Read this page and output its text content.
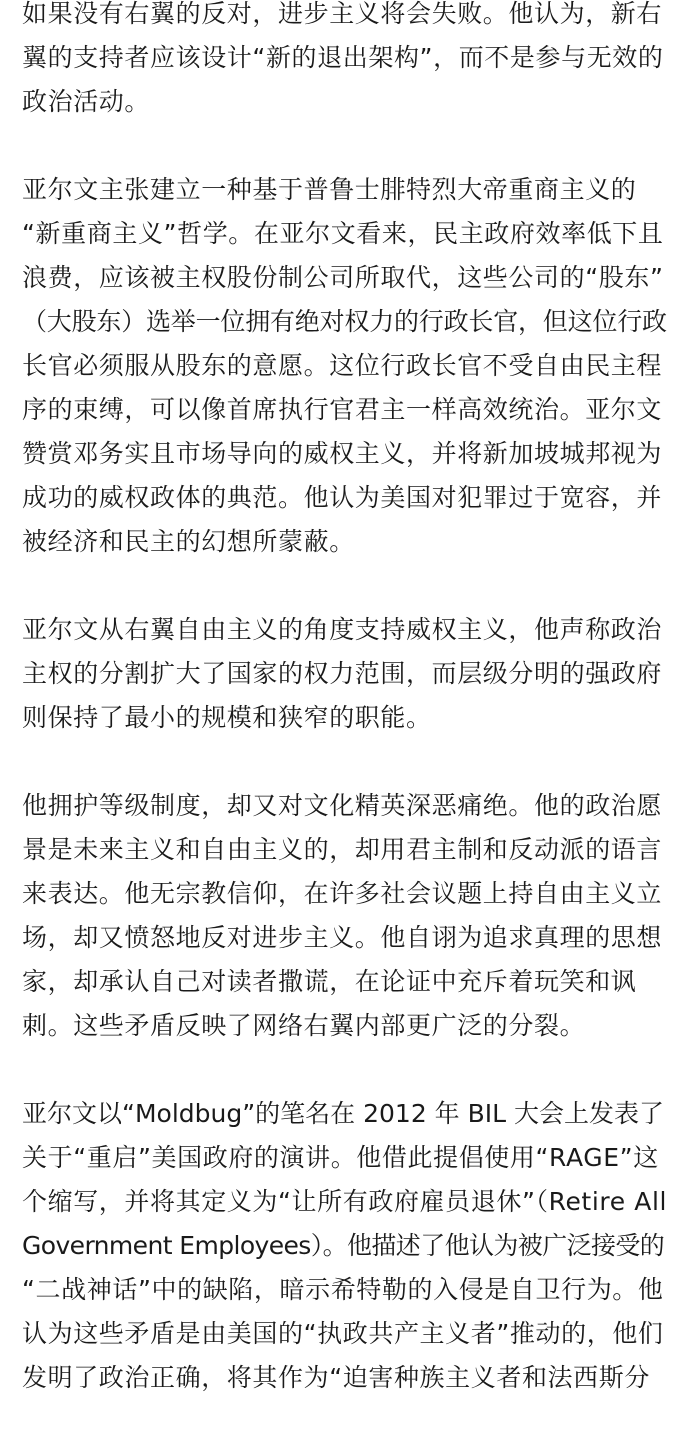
如果没有右翼的反对，进步主义将会失败。他认为，新右
翼的支持者应该设计“新的退出架构”，而不是参与无效的
政治活动。

亚尔文主张建立一种基于普鲁士腓特烈大帝重商主义的
“新重商主义”哲学。在亚尔文看来，民主政府效率低下且
浪费，应该被主权股份制公司所取代，这些公司的“股东”
（大股东）选举一位拥有绝对权力的行政长官，但这位行政
长官必须服从股东的意愿。这位行政长官不受自由民主程
序的束缚，可以像首席执行官君主一样高效统治。亚尔文
赞赏邓务实且市场导向的威权主义，并将新加坡城邦视为
成功的威权政体的典范。他认为美国对犯罪过于宽容，并
被经济和民主的幻想所蒙蔽。

亚尔文从右翼自由主义的角度支持威权主义，他声称政治
主权的分割扩大了国家的权力范围，而层级分明的强政府
则保持了最小的规模和狭窄的职能。

他拥护等级制度，却又对文化精英深恶痛绝。他的政治愿
景是未来主义和自由主义的，却用君主制和反动派的语言
来表达。他无宗教信仰，在许多社会议题上持自由主义立
场，却又愤怒地反对进步主义。他自诩为追求真理的思想
家，却承认自己对读者撒谎，在论证中充斥着玩笑和讽
刺。这些矛盾反映了网络右翼内部更广泛的分裂。

亚尔文以“Moldbug”的笔名在 2012 年 BIL 大会上发表了
关于“重启”美国政府的演讲。他借此提倡使用“RAGE”这
个缩写，并将其定义为“让所有政府雇员退休”（Retire All
Government Employees）。他描述了他认为被广泛接受的
“二战神话”中的缺陷，暗示希特勒的入侵是自卫行为。他
认为这些矛盾是由美国的“执政共产主义者”推动的，他们
发明了政治正确，将其作为“迫害种族主义者和法西斯分
